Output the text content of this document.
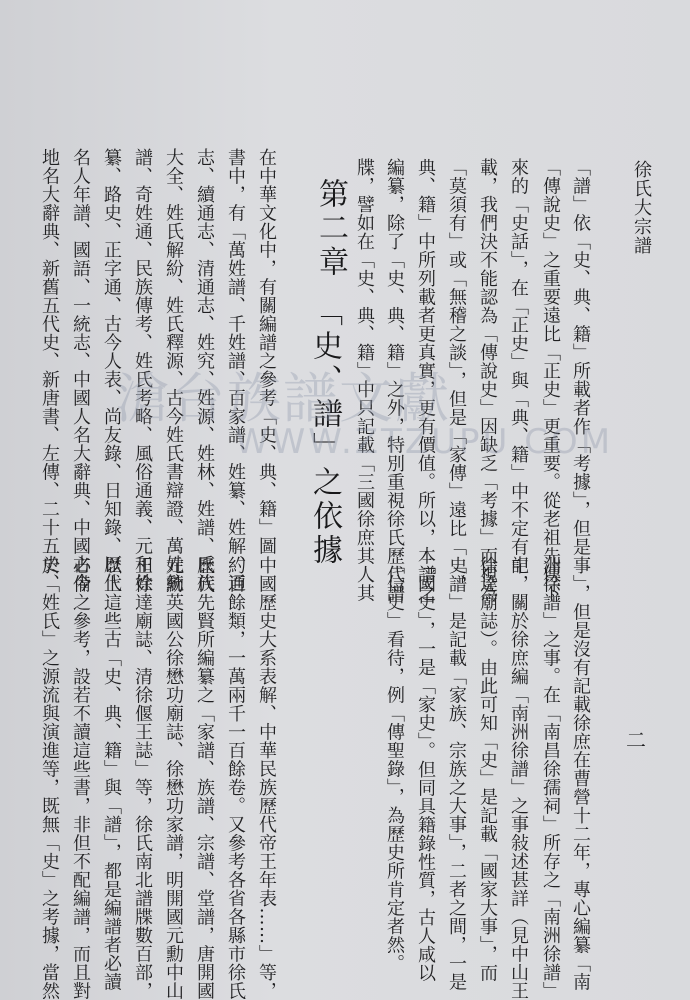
徐氏大宗譜
二
「譜」依「史、典、籍」所載者作「考據」，但是
「傳說史」之重要遠比「正史」更重要。從老祖先傳下
來的「史話」，在「正史」與「典、籍」中不定有記
載，我們決不能認為「傳說史」因缺乏「考據」而視為
「莫須有」或「無稽之談」，但是「家傳」遠比「史、
典、籍」中所列載者更真實，更有價值。所以，本譜之
編纂，除了「史、典、籍」之外，特別重視徐氏歷代譜
牒，譬如在「史、典、籍」中只記載「三國徐庶其人其
第二章
「史、譜」之依據
在中華文化中，有關編譜之參考「史、典、籍」圖
書中，有「萬姓譜、千姓譜、百家譜、姓纂、姓解、通
志、續通志、清通志、姓究、姓源、姓林、姓譜、氏族
大全、姓氏解紛、姓氏釋源、古今姓氏書辯證、萬姓統
譜、奇姓通、民族傳考、姓氏考略、風俗通義、元和姓
纂、路史、正字通、古今人表、尚友錄、日知錄、歷代
名人年譜、國語、一統志、中國人名大辭典、中國古今
地名大辭典、新舊五代史、新唐書、左傳、二十五史、
事」，但是沒有記載徐庶在曹營十二年，專心編纂「南
洲徐譜」之事。在「南昌徐孺祠」所存之「南洲徐譜」
中，關於徐庶編「南洲徐譜」之事敍述甚詳（見中山王
徐達廟誌）。由此可知「史」是記載「國家大事」，而
「譜」是記載「家族、宗族之大事」，二者之間，一是
「國史」，一是「家史」。但同具籍錄性質，古人咸以
「信史」看待，例「傳聖錄」，為歷史所肯定者然。
中國歷史大系表解、中華民族歷代帝王年表……」等，
約百餘類，一萬兩千一百餘卷。又參考各省各縣市徐氏
歷代先賢所編纂之「家譜、族譜、宗譜、堂譜，唐開國
元勳英國公徐懋功廟誌、徐懋功家譜，明開國元勳中山
王徐達廟誌、清徐偃王誌」等，徐氏南北譜牒數百部，
以上這些古「史、典、籍」與「譜」，都是編譜者必讀
必備之參考，設若不讀這些書，非但不配編譜，而且對
於「姓氏」之源流與演進等，既無「史」之考據，當然
滄台族譜文獻
WWW.ZTZUPU.COM
